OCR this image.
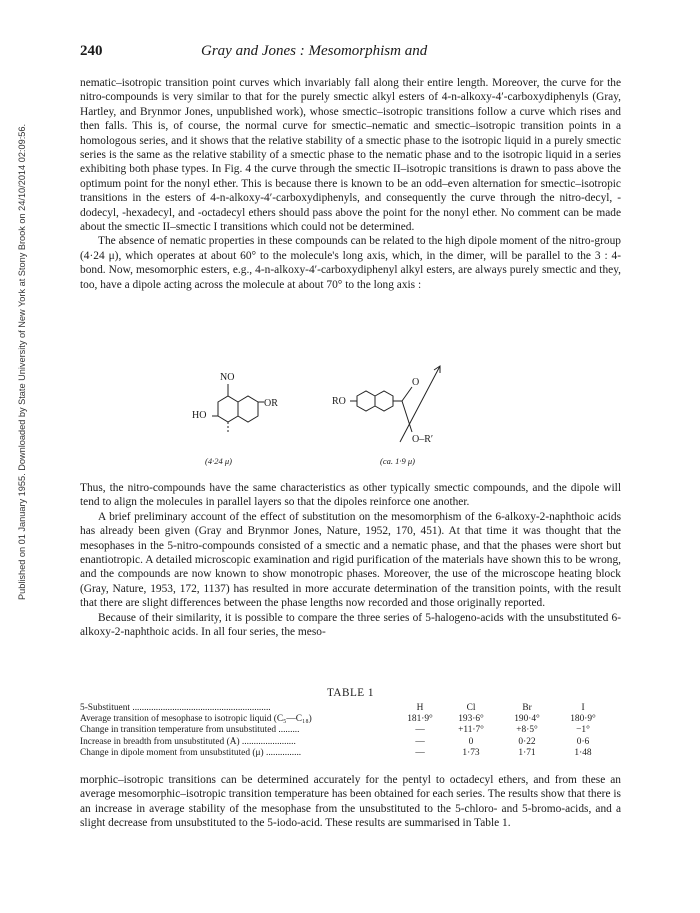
Published on 01 January 1955. Downloaded by State University of New York at Stony Brook on 24/10/2014 02:09:56.
240	Gray and Jones : Mesomorphism and

nematic–isotropic transition point curves which invariably fall along their entire length. Moreover, the curve for the nitro-compounds is very similar to that for the purely smectic alkyl esters of 4-n-alkoxy-4′-carboxydiphenyls (Gray, Hartley, and Brynmor Jones, unpublished work), whose smectic–isotropic transitions follow a curve which rises and then falls. This is, of course, the normal curve for smectic–nematic and smectic–isotropic transition points in a homologous series, and it shows that the relative stability of a smectic phase to the isotropic liquid in a purely smectic series is the same as the relative stability of a smectic phase to the nematic phase and to the isotropic liquid in a series exhibiting both phase types. In Fig. 4 the curve through the smectic II–isotropic transitions is drawn to pass above the optimum point for the nonyl ether. This is because there is known to be an odd–even alternation for smectic–isotropic transitions in the esters of 4-n-alkoxy-4′-carboxydiphenyls, and consequently the curve through the nitro-decyl, -dodecyl, -hexadecyl, and -octadecyl ethers should pass above the point for the nonyl ether. No comment can be made about the smectic II–smectic I transitions which could not be determined.

The absence of nematic properties in these compounds can be related to the high dipole moment of the nitro-group (4·24 μ), which operates at about 60° to the molecule's long axis, which, in the dimer, will be parallel to the 3 : 4-bond. Now, mesomorphic esters, e.g., 4-n-alkoxy-4′-carboxydiphenyl alkyl esters, are always purely smectic and they, too, have a dipole acting across the molecule at about 70° to the long axis :

NO
HO
OR	RO
O
O–R′
(4·24 μ)	(ca. 1·9 μ)

Thus, the nitro-compounds have the same characteristics as other typically smectic compounds, and the dipole will tend to align the molecules in parallel layers so that the dipoles reinforce one another.

A brief preliminary account of the effect of substitution on the mesomorphism of the 6-alkoxy-2-naphthoic acids has already been given (Gray and Brynmor Jones, Nature, 1952, 170, 451). At that time it was thought that the mesophases in the 5-nitro-compounds consisted of a smectic and a nematic phase, and that the phases were short but enantiotropic. A detailed microscopic examination and rigid purification of the materials have shown this to be wrong, and the compounds are now known to show monotropic phases. Moreover, the use of the microscope heating block (Gray, Nature, 1953, 172, 1137) has resulted in more accurate determination of the transition points, with the result that there are slight differences between the phase lengths now recorded and those originally reported.

Because of their similarity, it is possible to compare the three series of 5-halogeno-acids with the unsubstituted 6-alkoxy-2-naphthoic acids. In all four series, the meso-

TABLE 1
5-Substituent ...........................................................	H	Cl	Br	I
Average transition of mesophase to isotropic liquid (C₅—C₁₈)	181·9°	193·6°	190·4°	180·9°
Change in transition temperature from unsubstituted .........	—	+11·7°	+8·5°	−1°
Increase in breadth from unsubstituted (Å) .......................	—	0	0·22	0·6
Change in dipole moment from unsubstituted (μ) ...............	—	1·73	1·71	1·48

morphic–isotropic transitions can be determined accurately for the pentyl to octadecyl ethers, and from these an average mesomorphic–isotropic transition temperature has been obtained for each series. The results show that there is an increase in average stability of the mesophase from the unsubstituted to the 5-chloro- and 5-bromo-acids, and a slight decrease from unsubstituted to the 5-iodo-acid. These results are summarised in Table 1.
